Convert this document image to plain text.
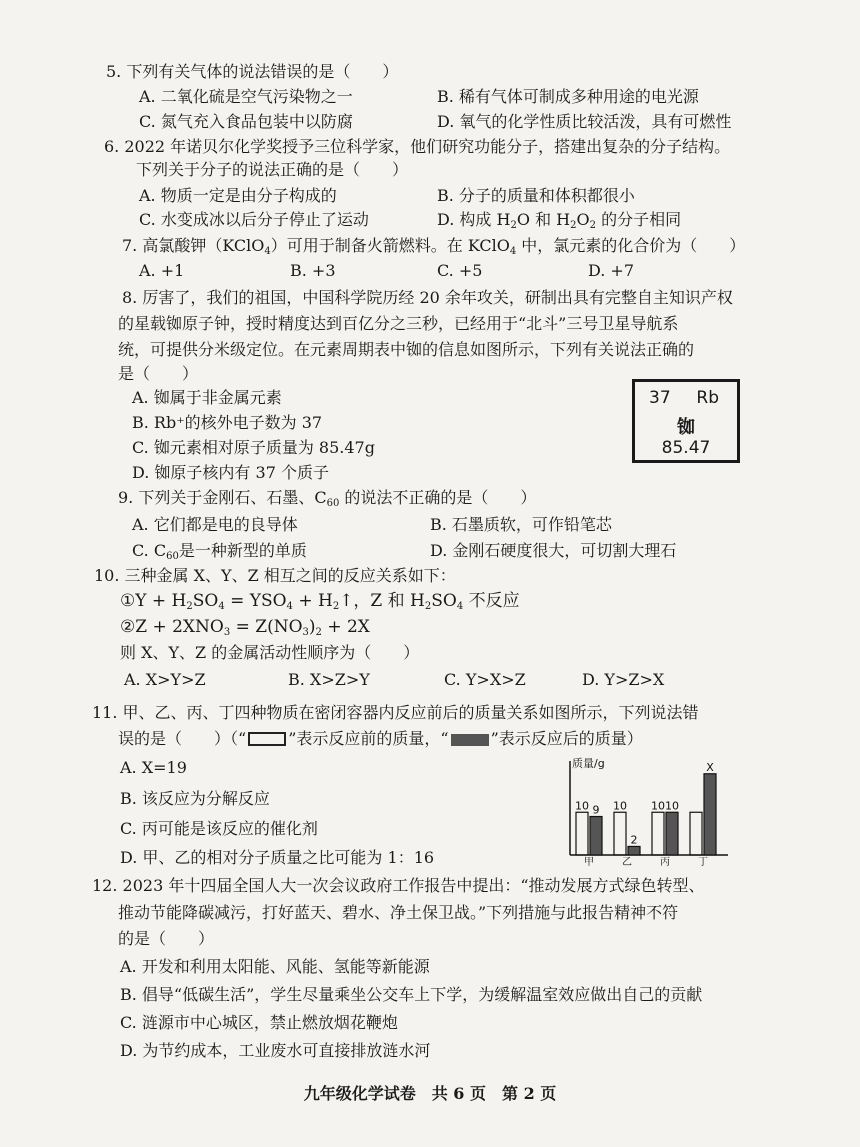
5. 下列有关气体的说法错误的是（　　）
A. 二氧化硫是空气污染物之一	B. 稀有气体可制成多种用途的电光源
C. 氮气充入食品包装中以防腐	D. 氧气的化学性质比较活泼，具有可燃性
6. 2022 年诺贝尔化学奖授予三位科学家，他们研究功能分子，搭建出复杂的分子结构。
下列关于分子的说法正确的是（　　）
A. 物质一定是由分子构成的	B. 分子的质量和体积都很小
C. 水变成冰以后分子停止了运动	D. 构成 $H_2O$ 和 $H_2O_2$ 的分子相同
7. 高氯酸钾（KClO$_4$）可用于制备火箭燃料。在 KClO$_4$ 中，氯元素的化合价为（　　）
A. +1	B. +3	C. +5	D. +7
8. 厉害了，我们的祖国，中国科学院历经 20 余年攻关，研制出具有完整自主知识产权
的星载铷原子钟，授时精度达到百亿分之三秒，已经用于“北斗”三号卫星导航系
统，可提供分米级定位。在元素周期表中铷的信息如图所示，下列有关说法正确的
是（　　）
A. 铷属于非金属元素
B. Rb⁺的核外电子数为 37
C. 铷元素相对原子质量为 85.47g
D. 铷原子核内有 37 个质子
37 Rb
铷
85.47
9. 下列关于金刚石、石墨、$C_{60}$ 的说法不正确的是（　　）
A. 它们都是电的良导体	B. 石墨质软，可作铅笔芯
C. $C_{60}$是一种新型的单质	D. 金刚石硬度很大，可切割大理石
10. 三种金属 X、Y、Z 相互之间的反应关系如下：
①Y + $H_2SO_4 = YSO_4$ + $H_2↑$，Z 和 $H_2SO_4$ 不反应
②Z + $2XNO_3 = Z(NO_3)_2 + 2X$
则 X、Y、Z 的金属活动性顺序为（　　）
A. X>Y>Z	B. X>Z>Y	C. Y>X>Z	D. Y>Z>X
11. 甲、乙、丙、丁四种物质在密闭容器内反应前后的质量关系如图所示，下列说法错
误的是（　　）（“	”表示反应前的质量，“	”表示反应后的质量）
A. X=19
B. 该反应为分解反应
C. 丙可能是该反应的催化剂
D. 甲、乙的相对分子质量之比可能为 1：16
质量/g
10 9
甲
10
2
乙
10 10
丙
X
丁
12. 2023 年十四届全国人大一次会议政府工作报告中提出：“推动发展方式绿色转型、
推动节能降碳减污，打好蓝天、碧水、净土保卫战。”下列措施与此报告精神不符
的是（　　）
A. 开发和利用太阳能、风能、氢能等新能源
B. 倡导“低碳生活”，学生尽量乘坐公交车上下学，为缓解温室效应做出自己的贡献
C. 涟源市中心城区，禁止燃放烟花鞭炮
D. 为节约成本，工业废水可直接排放涟水河
九年级化学试卷　共 6 页　第 2 页
